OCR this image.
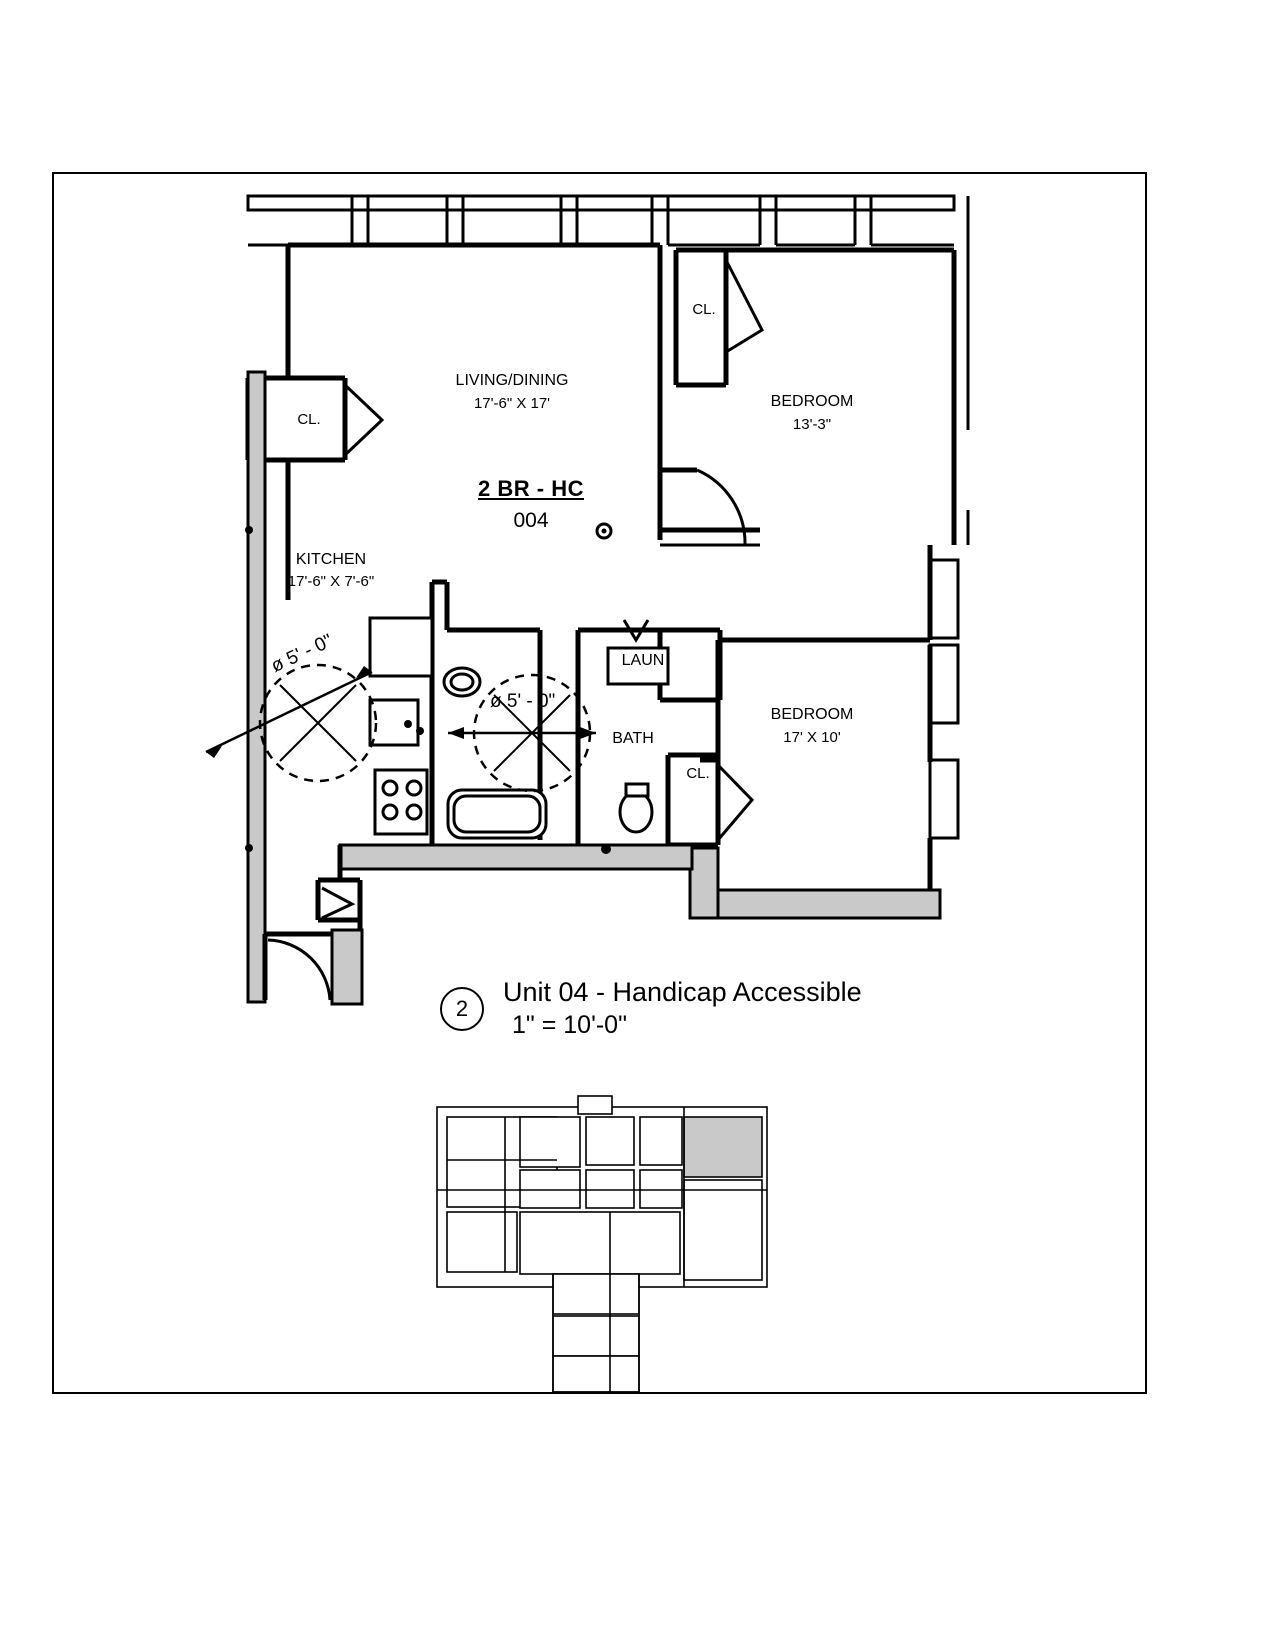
LIVING/DINING
17'-6" X 17'
2 BR - HC
004
KITCHEN
17'-6" X 7'-6"
BEDROOM
13'-3"
BEDROOM
17' X 10'
BATH
LAUN
CL.
CL.
CL.
ø 5' - 0"
ø 5' - 0"
2
Unit 04 - Handicap Accessible
1" = 10'-0"
